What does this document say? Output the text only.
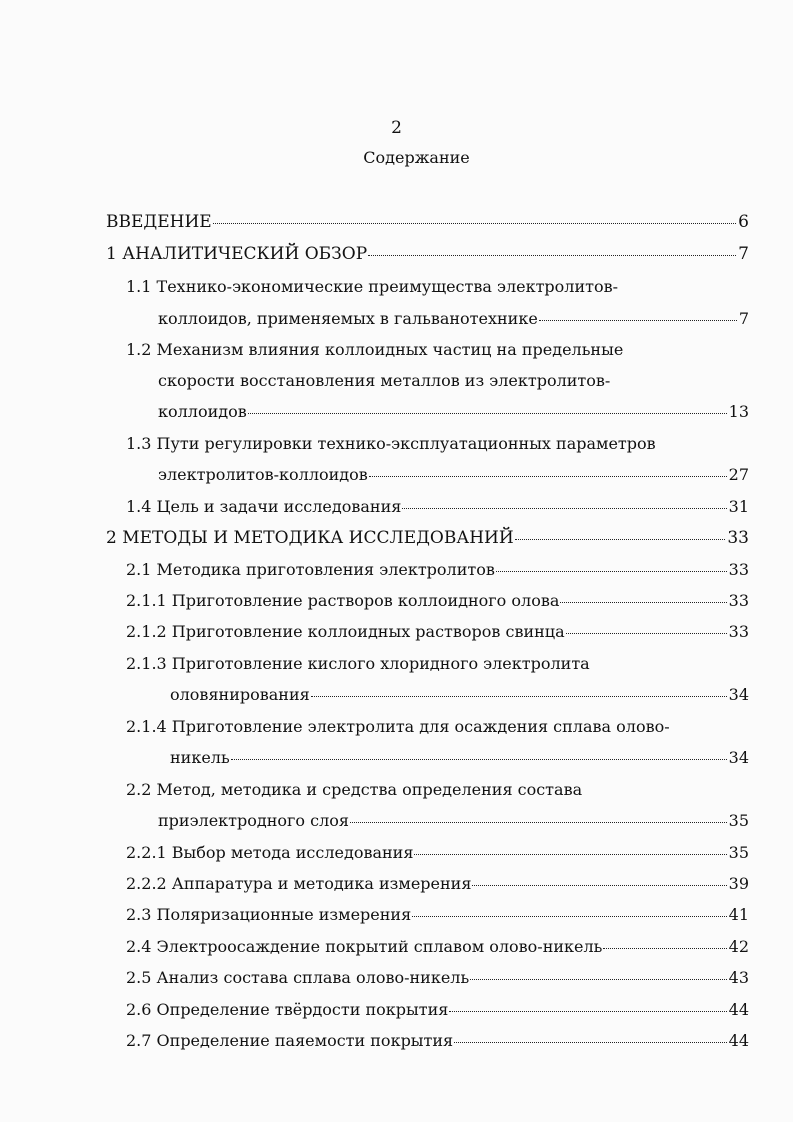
2
Содержание
ВВЕДЕНИЕ	6
1 АНАЛИТИЧЕСКИЙ ОБЗОР	7
1.1 Технико-экономические преимущества электролитов-
коллоидов, применяемых в гальванотехнике	7
1.2 Механизм влияния коллоидных частиц на предельные
скорости восстановления металлов из электролитов-
коллоидов	13
1.3 Пути регулировки технико-эксплуатационных параметров
электролитов-коллоидов	27
1.4 Цель и задачи исследования	31
2 МЕТОДЫ И МЕТОДИКА ИССЛЕДОВАНИЙ	33
2.1 Методика приготовления электролитов	33
2.1.1 Приготовление растворов коллоидного олова	33
2.1.2 Приготовление коллоидных растворов свинца	33
2.1.3 Приготовление кислого хлоридного электролита
оловянирования	34
2.1.4 Приготовление электролита для осаждения сплава олово-
никель	34
2.2 Метод, методика и средства определения состава
приэлектродного слоя	35
2.2.1 Выбор метода исследования	35
2.2.2 Аппаратура и методика измерения	39
2.3 Поляризационные измерения	41
2.4 Электроосаждение покрытий сплавом олово-никель	42
2.5 Анализ состава сплава олово-никель	43
2.6 Определение твёрдости покрытия	44
2.7 Определение паяемости покрытия	44
